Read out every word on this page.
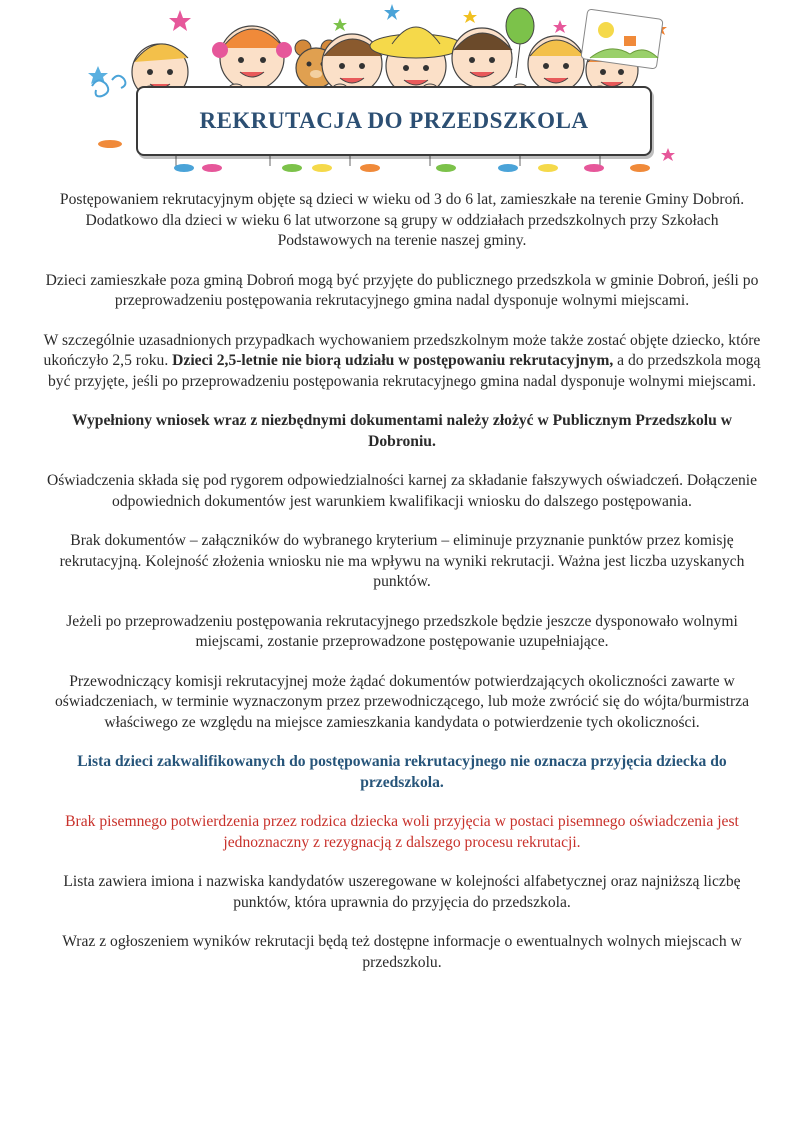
REKRUTACJA DO PRZEDSZKOLA

Postępowaniem rekrutacyjnym objęte są dzieci w wieku od 3 do 6 lat, zamieszkałe na terenie Gminy Dobroń. Dodatkowo dla dzieci w wieku 6 lat utworzone są grupy w oddziałach przedszkolnych przy Szkołach Podstawowych na terenie naszej gminy.

Dzieci zamieszkałe poza gminą Dobroń mogą być przyjęte do publicznego przedszkola w gminie Dobroń, jeśli po przeprowadzeniu postępowania rekrutacyjnego gmina nadal dysponuje wolnymi miejscami.

W szczególnie uzasadnionych przypadkach wychowaniem przedszkolnym może także zostać objęte dziecko, które ukończyło 2,5 roku. Dzieci 2,5-letnie nie biorą udziału w postępowaniu rekrutacyjnym, a do przedszkola mogą być przyjęte, jeśli po przeprowadzeniu postępowania rekrutacyjnego gmina nadal dysponuje wolnymi miejscami.

Wypełniony wniosek wraz z niezbędnymi dokumentami należy złożyć w Publicznym Przedszkolu w Dobroniu.

Oświadczenia składa się pod rygorem odpowiedzialności karnej za składanie fałszywych oświadczeń. Dołączenie odpowiednich dokumentów jest warunkiem kwalifikacji wniosku do dalszego postępowania.

Brak dokumentów – załączników do wybranego kryterium – eliminuje przyznanie punktów przez komisję rekrutacyjną. Kolejność złożenia wniosku nie ma wpływu na wyniki rekrutacji. Ważna jest liczba uzyskanych punktów.

Jeżeli po przeprowadzeniu postępowania rekrutacyjnego przedszkole będzie jeszcze dysponowało wolnymi miejscami, zostanie przeprowadzone postępowanie uzupełniające.

Przewodniczący komisji rekrutacyjnej może żądać dokumentów potwierdzających okoliczności zawarte w oświadczeniach, w terminie wyznaczonym przez przewodniczącego, lub może zwrócić się do wójta/burmistrza właściwego ze względu na miejsce zamieszkania kandydata o potwierdzenie tych okoliczności.

Lista dzieci zakwalifikowanych do postępowania rekrutacyjnego nie oznacza przyjęcia dziecka do przedszkola.

Brak pisemnego potwierdzenia przez rodzica dziecka woli przyjęcia w postaci pisemnego oświadczenia jest jednoznaczny z rezygnacją z dalszego procesu rekrutacji.

Lista zawiera imiona i nazwiska kandydatów uszeregowane w kolejności alfabetycznej oraz najniższą liczbę punktów, która uprawnia do przyjęcia do przedszkola.

Wraz z ogłoszeniem wyników rekrutacji będą też dostępne informacje o ewentualnych wolnych miejscach w przedszkolu.
